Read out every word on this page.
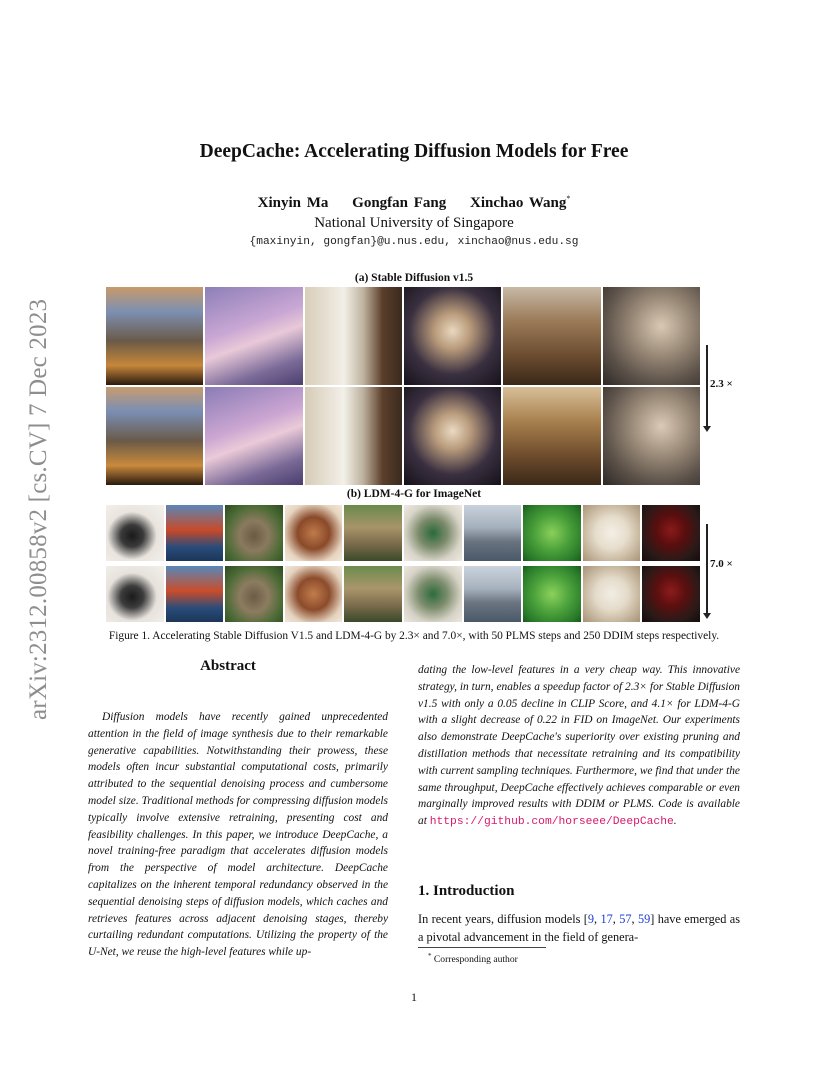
arXiv:2312.00858v2 [cs.CV] 7 Dec 2023
DeepCache: Accelerating Diffusion Models for Free
Xinyin Ma Gongfan Fang Xinchao Wang*
National University of Singapore
{maxinyin, gongfan}@u.nus.edu, xinchao@nus.edu.sg
(a) Stable Diffusion v1.5
2.3 ×
(b) LDM-4-G for ImageNet
7.0 ×
Figure 1. Accelerating Stable Diffusion V1.5 and LDM-4-G by 2.3× and 7.0×, with 50 PLMS steps and 250 DDIM steps respectively.
Abstract
Diffusion models have recently gained unprecedented attention in the field of image synthesis due to their remarkable generative capabilities. Notwithstanding their prowess, these models often incur substantial computational costs, primarily attributed to the sequential denoising process and cumbersome model size. Traditional methods for compressing diffusion models typically involve extensive retraining, presenting cost and feasibility challenges. In this paper, we introduce DeepCache, a novel training-free paradigm that accelerates diffusion models from the perspective of model architecture. DeepCache capitalizes on the inherent temporal redundancy observed in the sequential denoising steps of diffusion models, which caches and retrieves features across adjacent denoising stages, thereby curtailing redundant computations. Utilizing the property of the U-Net, we reuse the high-level features while up-
dating the low-level features in a very cheap way. This innovative strategy, in turn, enables a speedup factor of 2.3× for Stable Diffusion v1.5 with only a 0.05 decline in CLIP Score, and 4.1× for LDM-4-G with a slight decrease of 0.22 in FID on ImageNet. Our experiments also demonstrate DeepCache's superiority over existing pruning and distillation methods that necessitate retraining and its compatibility with current sampling techniques. Furthermore, we find that under the same throughput, DeepCache effectively achieves comparable or even marginally improved results with DDIM or PLMS. Code is available at https://github.com/horseee/DeepCache.
1. Introduction
In recent years, diffusion models [9, 17, 57, 59] have emerged as a pivotal advancement in the field of genera-
* Corresponding author
1
